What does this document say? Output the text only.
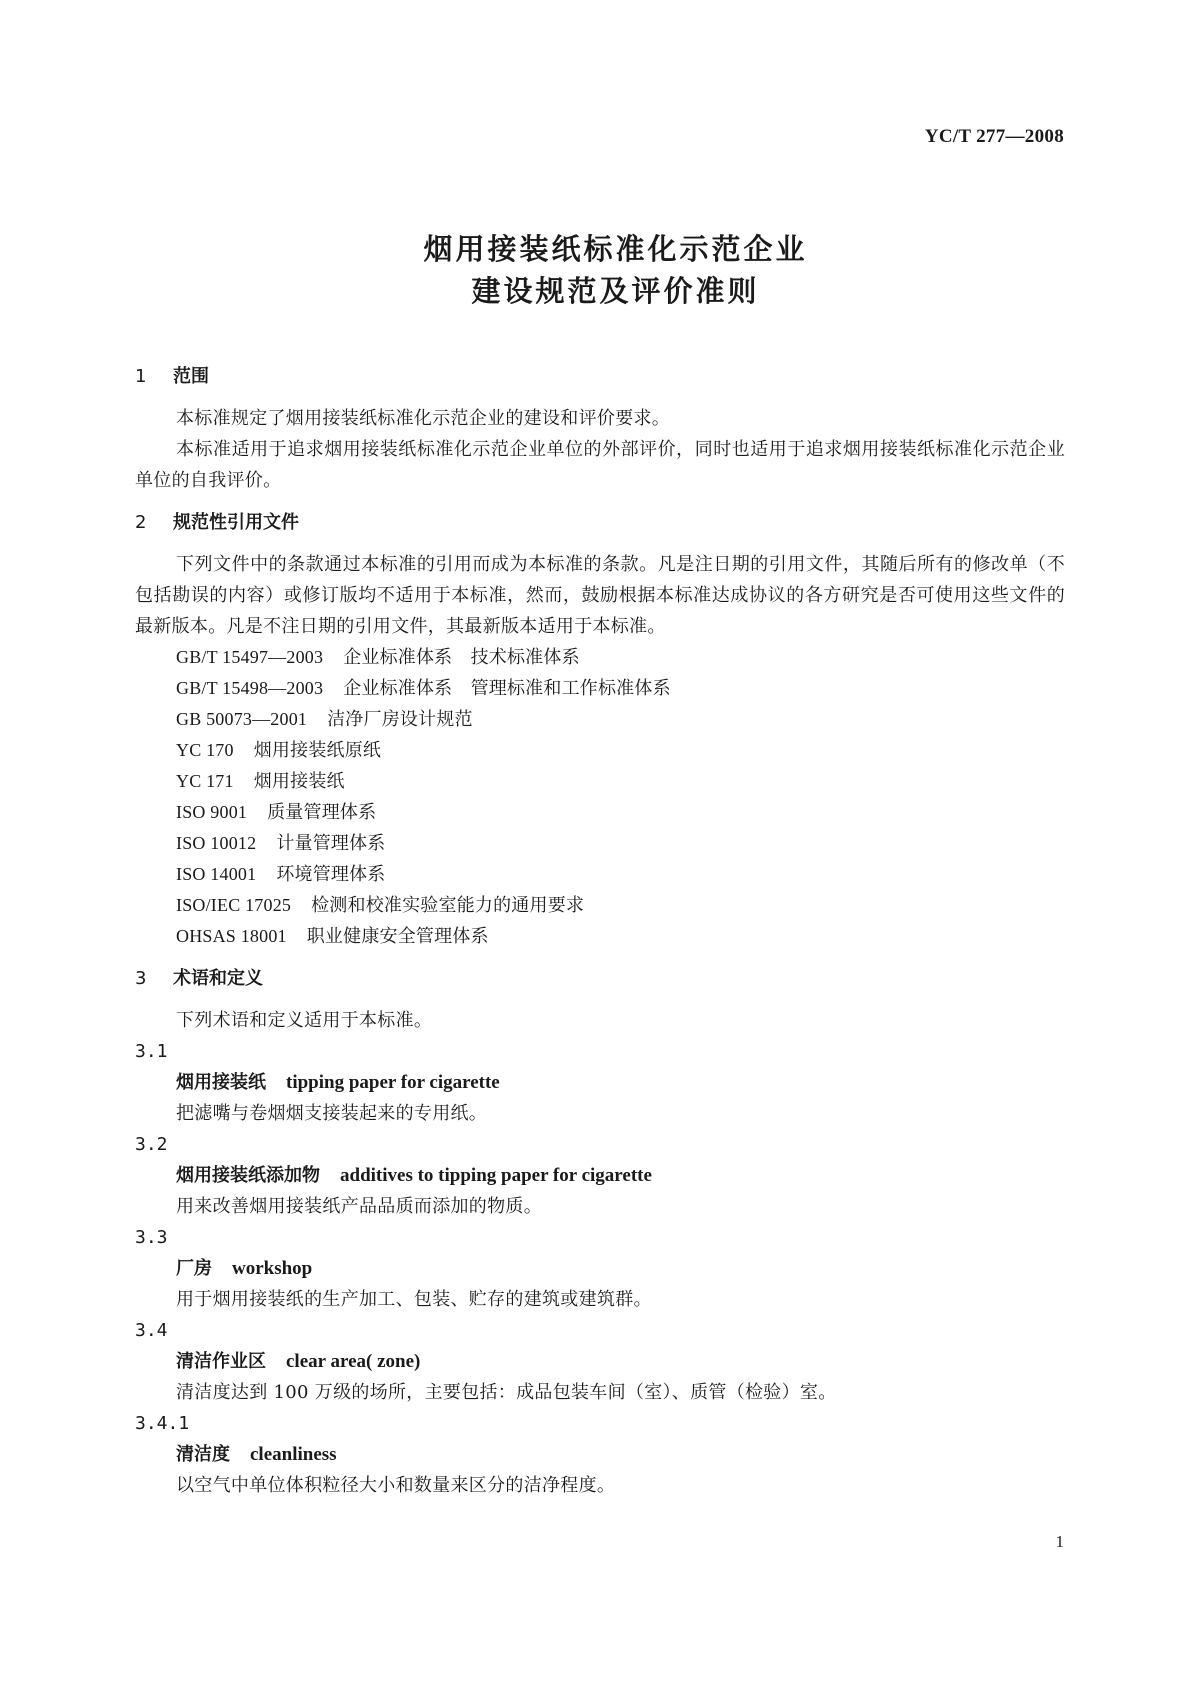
YC/T 277—2008
烟用接装纸标准化示范企业
建设规范及评价准则
1	范围
本标准规定了烟用接装纸标准化示范企业的建设和评价要求。
本标准适用于追求烟用接装纸标准化示范企业单位的外部评价，同时也适用于追求烟用接装纸标准化示范企业单位的自我评价。
2	规范性引用文件
下列文件中的条款通过本标准的引用而成为本标准的条款。凡是注日期的引用文件，其随后所有的修改单（不包括勘误的内容）或修订版均不适用于本标准，然而，鼓励根据本标准达成协议的各方研究是否可使用这些文件的最新版本。凡是不注日期的引用文件，其最新版本适用于本标准。
GB/T 15497—2003 企业标准体系　技术标准体系
GB/T 15498—2003 企业标准体系　管理标准和工作标准体系
GB 50073—2001 洁净厂房设计规范
YC 170 烟用接装纸原纸
YC 171 烟用接装纸
ISO 9001 质量管理体系
ISO 10012 计量管理体系
ISO 14001 环境管理体系
ISO/IEC 17025 检测和校准实验室能力的通用要求
OHSAS 18001 职业健康安全管理体系
3	术语和定义
下列术语和定义适用于本标准。
3.1
烟用接装纸 tipping paper for cigarette
把滤嘴与卷烟烟支接装起来的专用纸。
3.2
烟用接装纸添加物 additives to tipping paper for cigarette
用来改善烟用接装纸产品品质而添加的物质。
3.3
厂房 workshop
用于烟用接装纸的生产加工、包装、贮存的建筑或建筑群。
3.4
清洁作业区 clear area( zone)
清洁度达到 100 万级的场所，主要包括：成品包装车间（室）、质管（检验）室。
3.4.1
清洁度 cleanliness
以空气中单位体积粒径大小和数量来区分的洁净程度。
1
